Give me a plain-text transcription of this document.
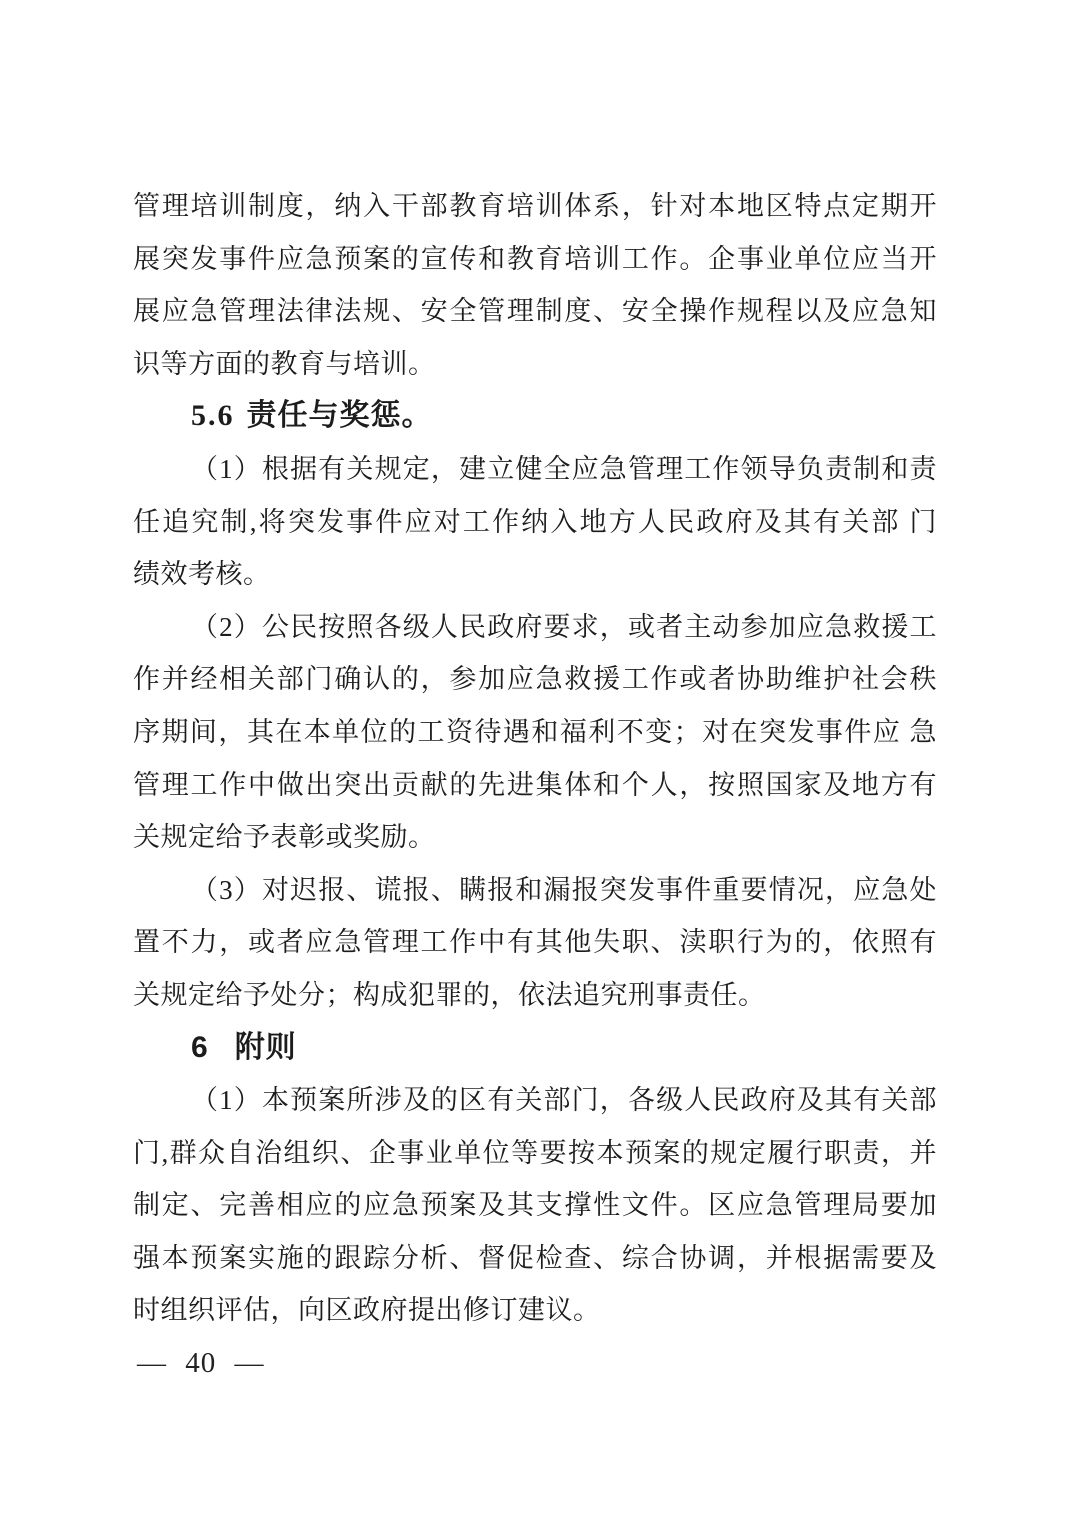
管理培训制度，纳入干部教育培训体系，针对本地区特点定期开

展突发事件应急预案的宣传和教育培训工作。企事业单位应当开

展应急管理法律法规、安全管理制度、安全操作规程以及应急知

识等方面的教育与培训。

5.6 责任与奖惩。

（1）根据有关规定，建立健全应急管理工作领导负责制和责

任追究制,将突发事件应对工作纳入地方人民政府及其有关部 门

绩效考核。

（2）公民按照各级人民政府要求，或者主动参加应急救援工

作并经相关部门确认的，参加应急救援工作或者协助维护社会秩

序期间，其在本单位的工资待遇和福利不变；对在突发事件应 急

管理工作中做出突出贡献的先进集体和个人，按照国家及地方有

关规定给予表彰或奖励。

（3）对迟报、谎报、瞒报和漏报突发事件重要情况，应急处

置不力，或者应急管理工作中有其他失职、渎职行为的，依照有

关规定给予处分；构成犯罪的，依法追究刑事责任。

6 附则

（1）本预案所涉及的区有关部门，各级人民政府及其有关部

门,群众自治组织、企事业单位等要按本预案的规定履行职责，并

制定、完善相应的应急预案及其支撑性文件。区应急管理局要加

强本预案实施的跟踪分析、督促检查、综合协调，并根据需要及

时组织评估，向区政府提出修订建议。

— 40 —
